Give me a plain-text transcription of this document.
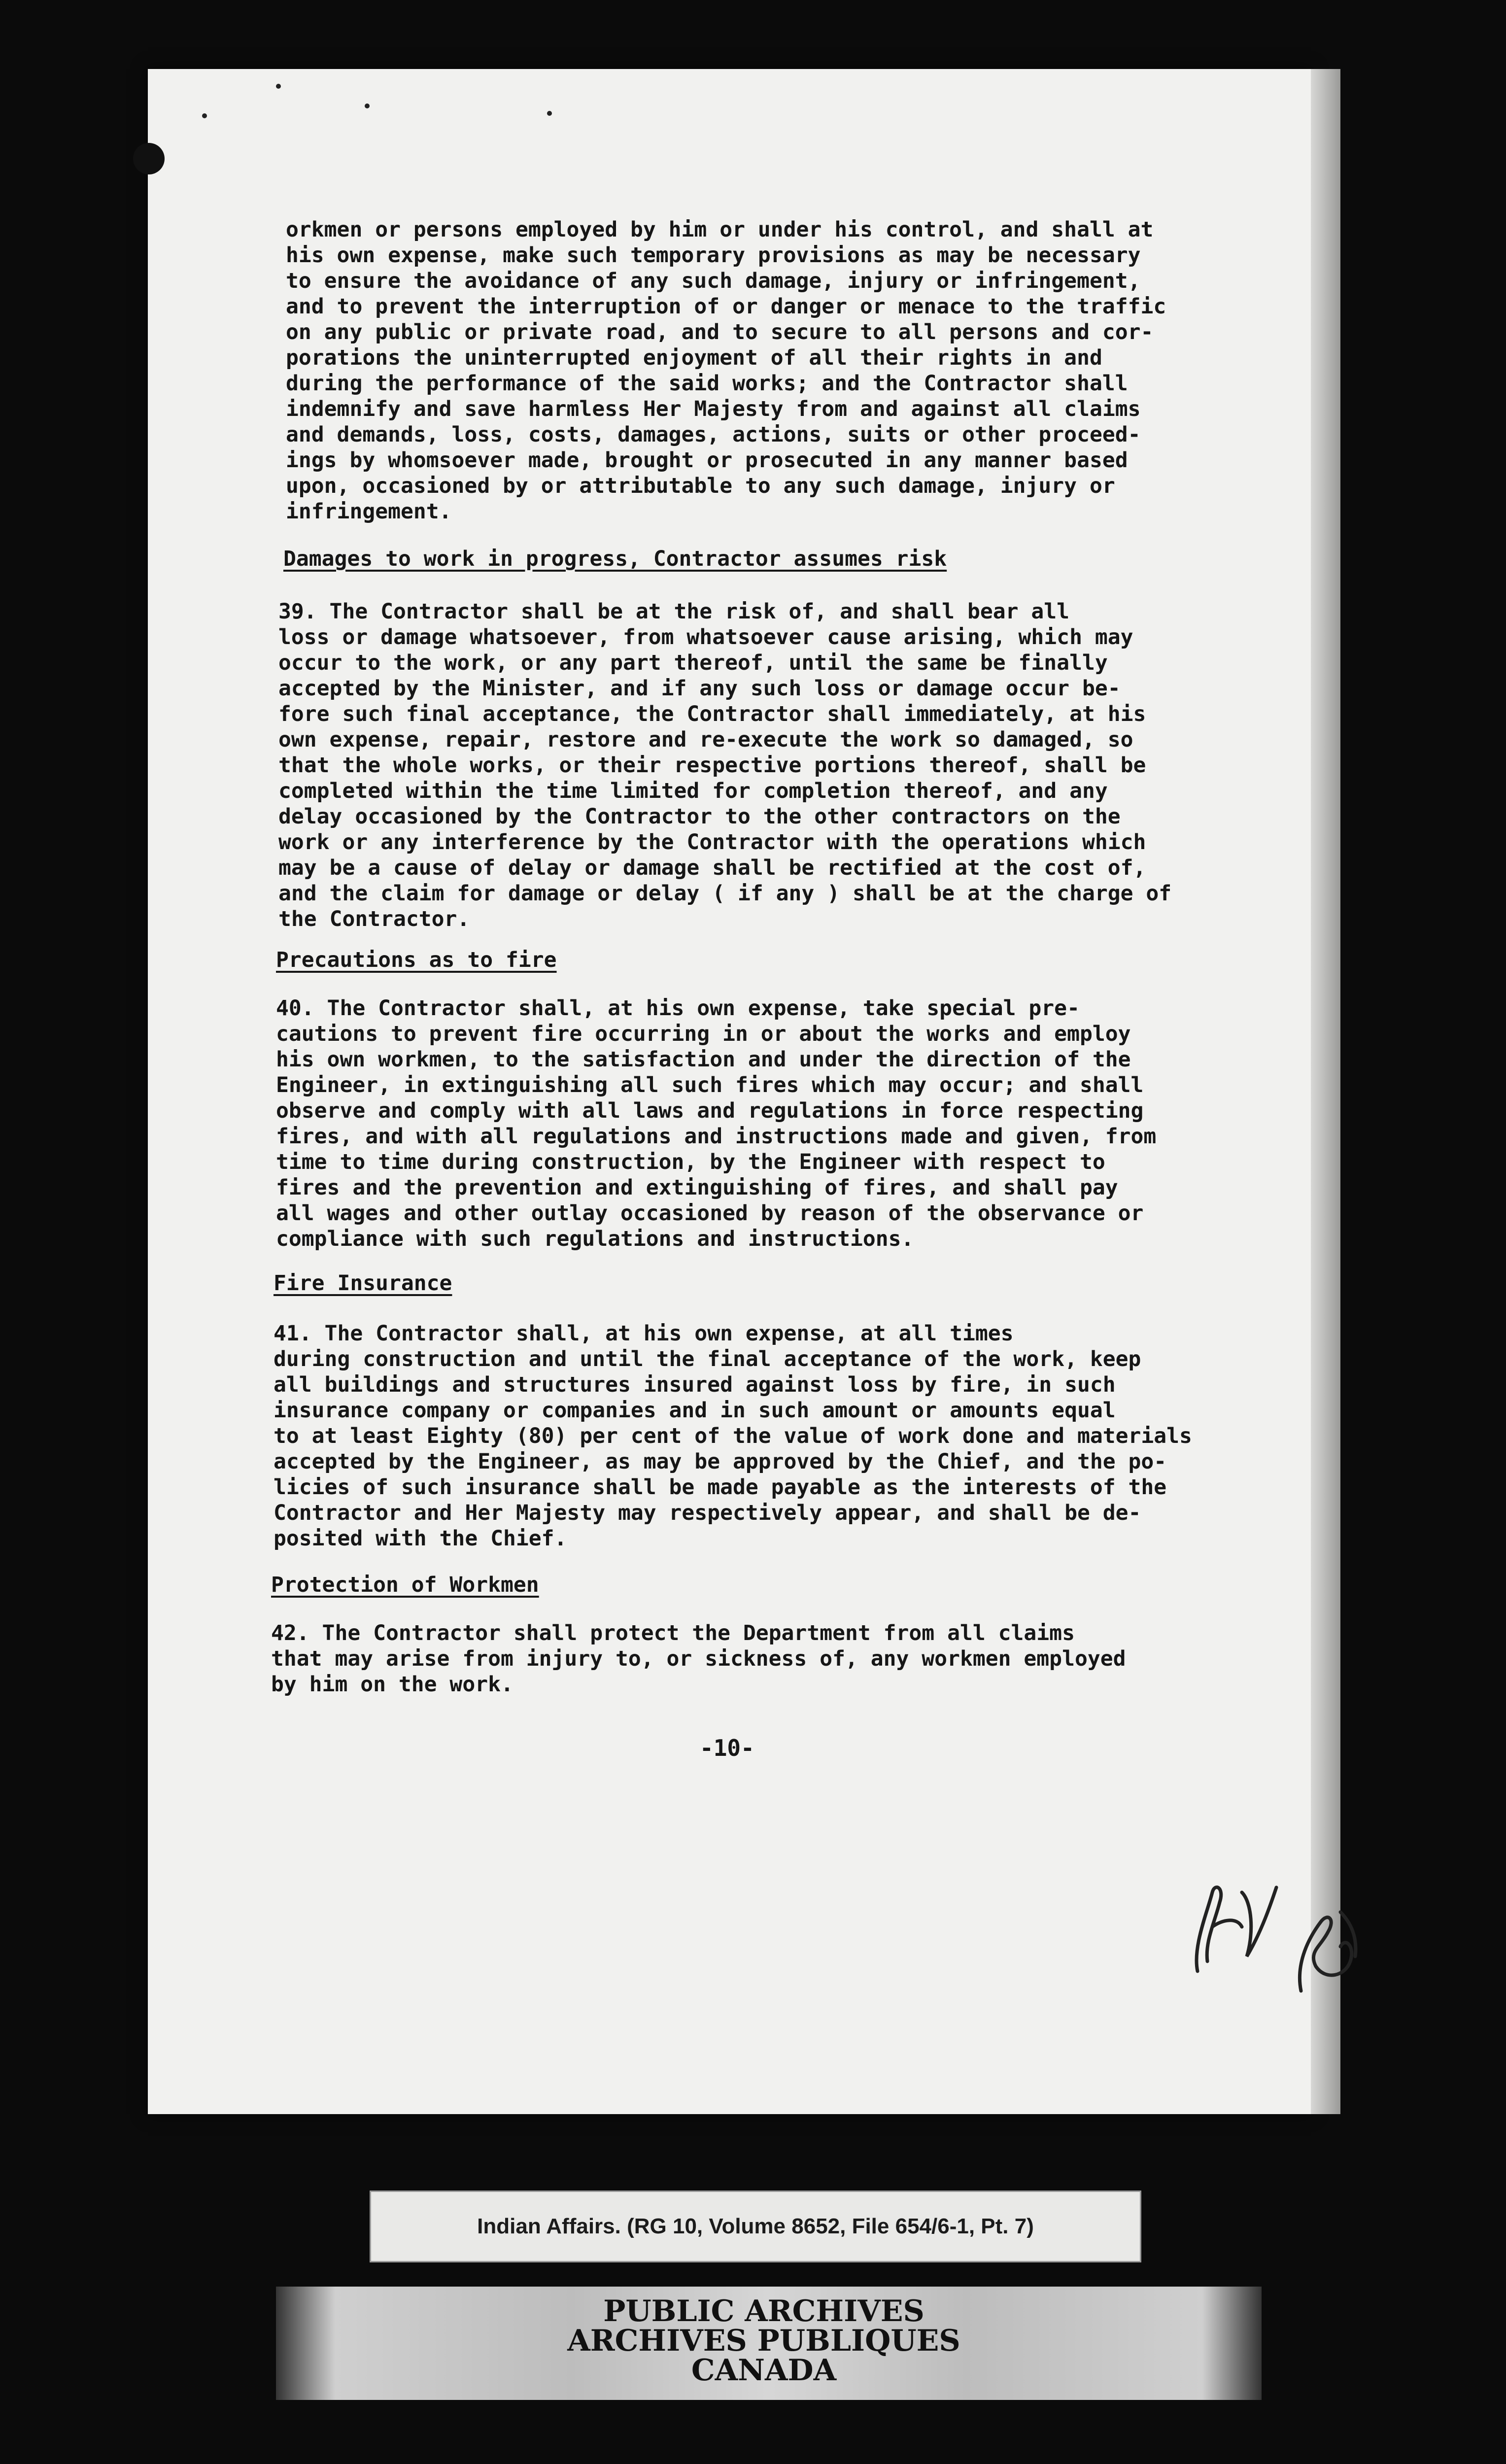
orkmen or persons employed by him or under his control, and shall at
his own expense, make such temporary provisions as may be necessary
to ensure the avoidance of any such damage, injury or infringement,
and to prevent the interruption of or danger or menace to the traffic
on any public or private road, and to secure to all persons and cor-
porations the uninterrupted enjoyment of all their rights in and
during the performance of the said works; and the Contractor shall
indemnify and save harmless Her Majesty from and against all claims
and demands, loss, costs, damages, actions, suits or other proceed-
ings by whomsoever made, brought or prosecuted in any manner based
upon, occasioned by or attributable to any such damage, injury or
infringement.
Damages to work in progress, Contractor assumes risk
39. The Contractor shall be at the risk of, and shall bear all
loss or damage whatsoever, from whatsoever cause arising, which may
occur to the work, or any part thereof, until the same be finally
accepted by the Minister, and if any such loss or damage occur be-
fore such final acceptance, the Contractor shall immediately, at his
own expense, repair, restore and re-execute the work so damaged, so
that the whole works, or their respective portions thereof, shall be
completed within the time limited for completion thereof, and any
delay occasioned by the Contractor to the other contractors on the
work or any interference by the Contractor with the operations which
may be a cause of delay or damage shall be rectified at the cost of,
and the claim for damage or delay ( if any ) shall be at the charge of
the Contractor.
Precautions as to fire
40. The Contractor shall, at his own expense, take special pre-
cautions to prevent fire occurring in or about the works and employ
his own workmen, to the satisfaction and under the direction of the
Engineer, in extinguishing all such fires which may occur; and shall
observe and comply with all laws and regulations in force respecting
fires, and with all regulations and instructions made and given, from
time to time during construction, by the Engineer with respect to
fires and the prevention and extinguishing of fires, and shall pay
all wages and other outlay occasioned by reason of the observance or
compliance with such regulations and instructions.
Fire Insurance
41. The Contractor shall, at his own expense, at all times
during construction and until the final acceptance of the work, keep
all buildings and structures insured against loss by fire, in such
insurance company or companies and in such amount or amounts equal
to at least Eighty (80) per cent of the value of work done and materials
accepted by the Engineer, as may be approved by the Chief, and the po-
licies of such insurance shall be made payable as the interests of the
Contractor and Her Majesty may respectively appear, and shall be de-
posited with the Chief.
Protection of Workmen
42. The Contractor shall protect the Department from all claims
that may arise from injury to, or sickness of, any workmen employed
by him on the work.
-10-
Indian Affairs. (RG 10, Volume 8652, File 654/6-1, Pt. 7)
PUBLIC ARCHIVES
ARCHIVES PUBLIQUES
CANADA
